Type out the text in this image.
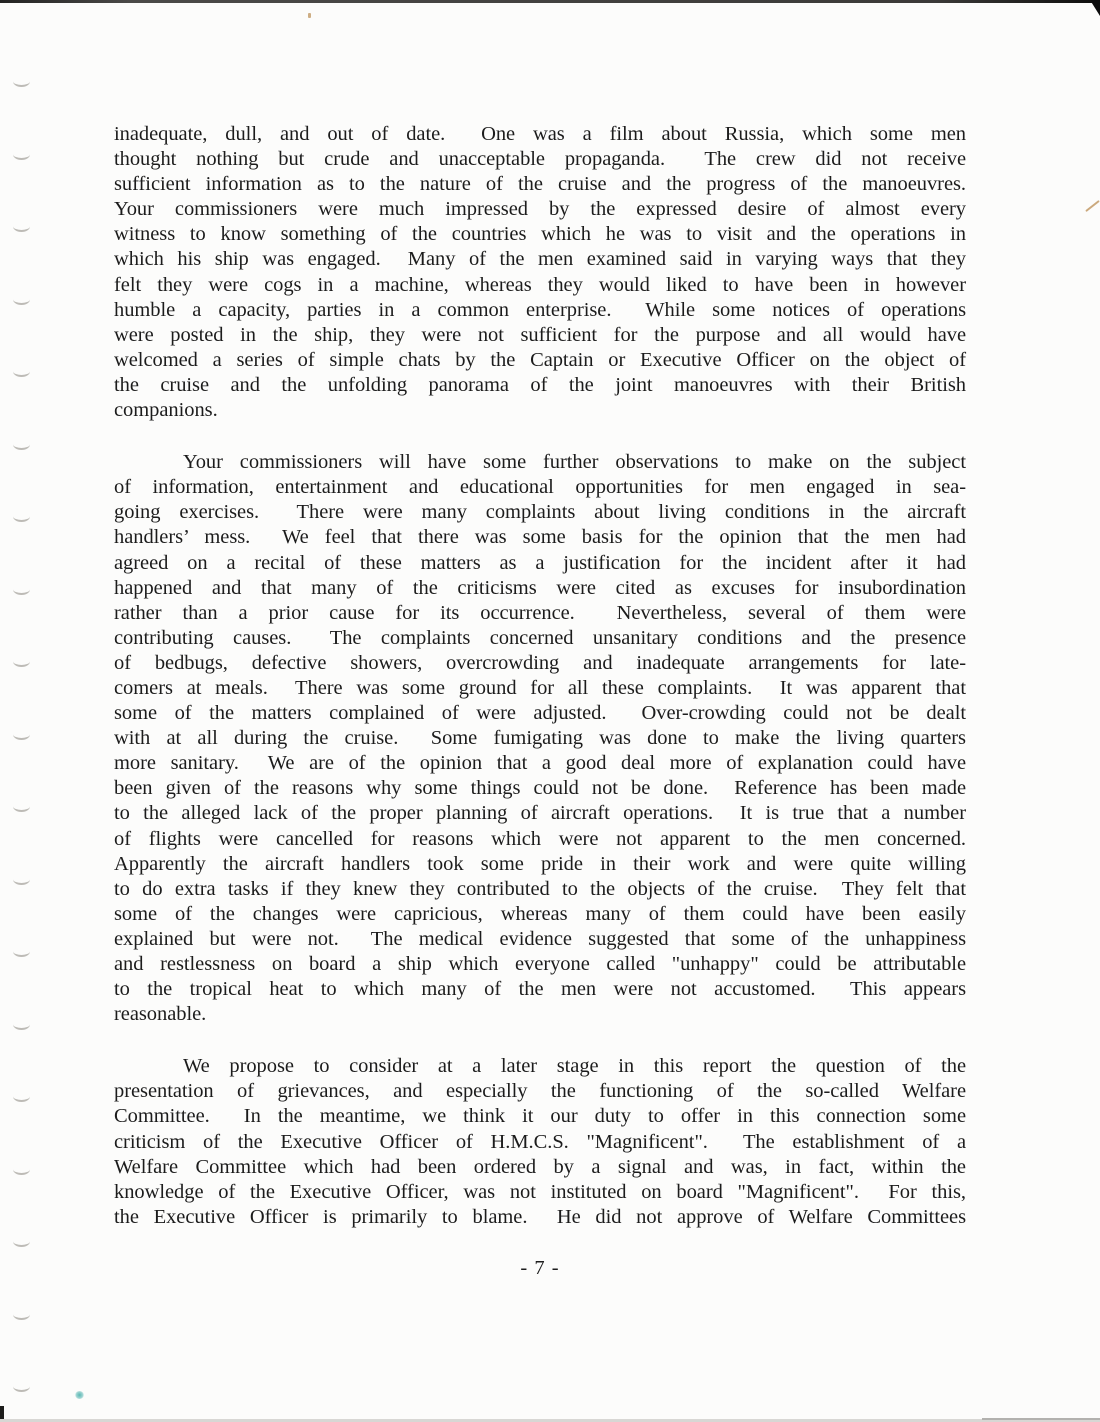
inadequate, dull, and out of date.  One was a film about Russia, which some men
thought nothing but crude and unacceptable propaganda.  The crew did not receive
sufficient information as to the nature of the cruise and the progress of the manoeuvres.
Your commissioners were much impressed by the expressed desire of almost every
witness to know something of the countries which he was to visit and the operations in
which his ship was engaged.  Many of the men examined said in varying ways that they
felt they were cogs in a machine, whereas they would liked to have been in however
humble a capacity, parties in a common enterprise.  While some notices of operations
were posted in the ship, they were not sufficient for the purpose and all would have
welcomed a series of simple chats by the Captain or Executive Officer on the object of
the cruise and the unfolding panorama of the joint manoeuvres with their British
companions.
Your commissioners will have some further observations to make on the subject
of information, entertainment and educational opportunities for men engaged in sea-
going exercises.  There were many complaints about living conditions in the aircraft
handlers’ mess.  We feel that there was some basis for the opinion that the men had
agreed on a recital of these matters as a justification for the incident after it had
happened and that many of the criticisms were cited as excuses for insubordination
rather than a prior cause for its occurrence.  Nevertheless, several of them were
contributing causes.  The complaints concerned unsanitary conditions and the presence
of bedbugs, defective showers, overcrowding and inadequate arrangements for late-
comers at meals.  There was some ground for all these complaints.  It was apparent that
some of the matters complained of were adjusted.  Over-crowding could not be dealt
with at all during the cruise.  Some fumigating was done to make the living quarters
more sanitary.  We are of the opinion that a good deal more of explanation could have
been given of the reasons why some things could not be done.  Reference has been made
to the alleged lack of the proper planning of aircraft operations.  It is true that a number
of flights were cancelled for reasons which were not apparent to the men concerned.
Apparently the aircraft handlers took some pride in their work and were quite willing
to do extra tasks if they knew they contributed to the objects of the cruise.  They felt that
some of the changes were capricious, whereas many of them could have been easily
explained but were not.  The medical evidence suggested that some of the unhappiness
and restlessness on board a ship which everyone called "unhappy" could be attributable
to the tropical heat to which many of the men were not accustomed.  This appears
reasonable.
We propose to consider at a later stage in this report the question of the
presentation of grievances, and especially the functioning of the so-called Welfare
Committee.  In the meantime, we think it our duty to offer in this connection some
criticism of the Executive Officer of H.M.C.S. "Magnificent".  The establishment of a
Welfare Committee which had been ordered by a signal and was, in fact, within the
knowledge of the Executive Officer, was not instituted on board "Magnificent".  For this,
the Executive Officer is primarily to blame.  He did not approve of Welfare Committees
- 7 -
